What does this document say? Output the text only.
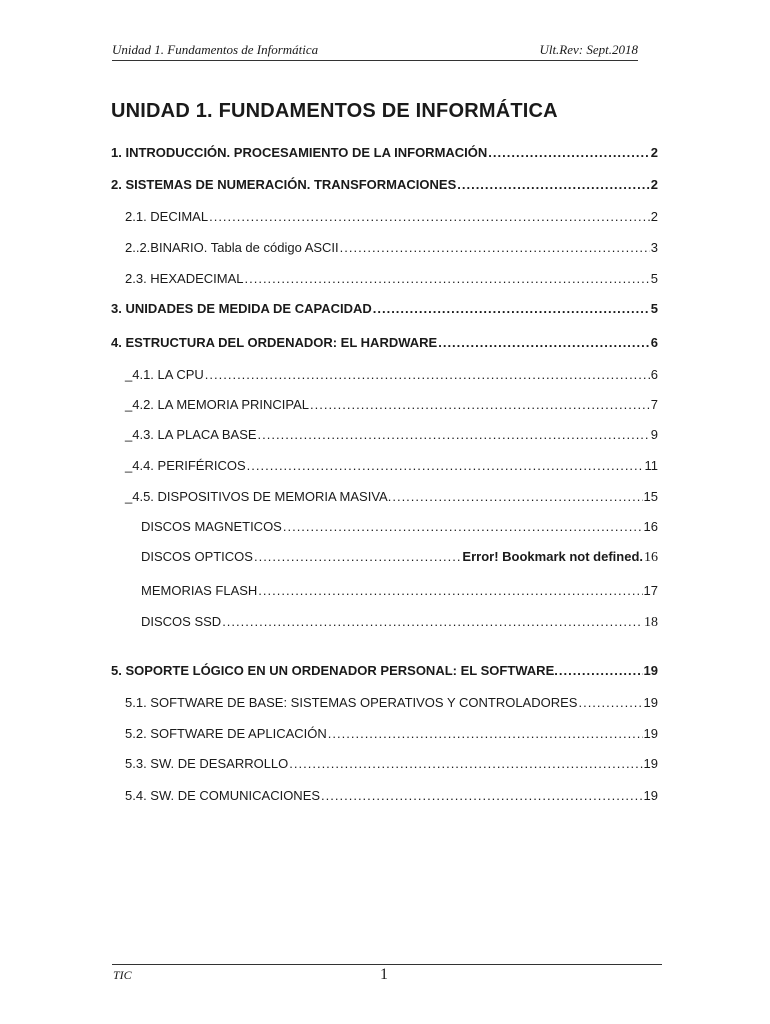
Unidad 1. Fundamentos de Informática	Ult.Rev: Sept.2018
UNIDAD 1. FUNDAMENTOS DE INFORMÁTICA
1. INTRODUCCIÓN. PROCESAMIENTO DE LA INFORMACIÓN .....	2
2. SISTEMAS DE NUMERACIÓN. TRANSFORMACIONES .....	2
2.1. DECIMAL .....	2
2..2.BINARIO. Tabla de código ASCII .....	3
2.3. HEXADECIMAL .....	5
3. UNIDADES DE MEDIDA DE CAPACIDAD .....	5
4. ESTRUCTURA DEL ORDENADOR: EL HARDWARE .....	6
_4.1. LA CPU .....	6
_4.2. LA MEMORIA PRINCIPAL .....	7
_4.3. LA PLACA BASE .....	9
_4.4. PERIFÉRICOS .....	11
_4.5. DISPOSITIVOS DE MEMORIA MASIVA. .....	15
DISCOS MAGNETICOS .....	16
DISCOS OPTICOS .....	Error! Bookmark not defined. 16
MEMORIAS FLASH .....	17
DISCOS SSD .....	18
5. SOPORTE LÓGICO EN UN ORDENADOR PERSONAL: EL SOFTWARE. .....	19
5.1. SOFTWARE DE BASE: SISTEMAS OPERATIVOS Y CONTROLADORES .....	19
5.2. SOFTWARE DE APLICACIÓN .....	19
5.3. SW. DE DESARROLLO .....	19
5.4. SW. DE COMUNICACIONES .....	19
TIC	1
